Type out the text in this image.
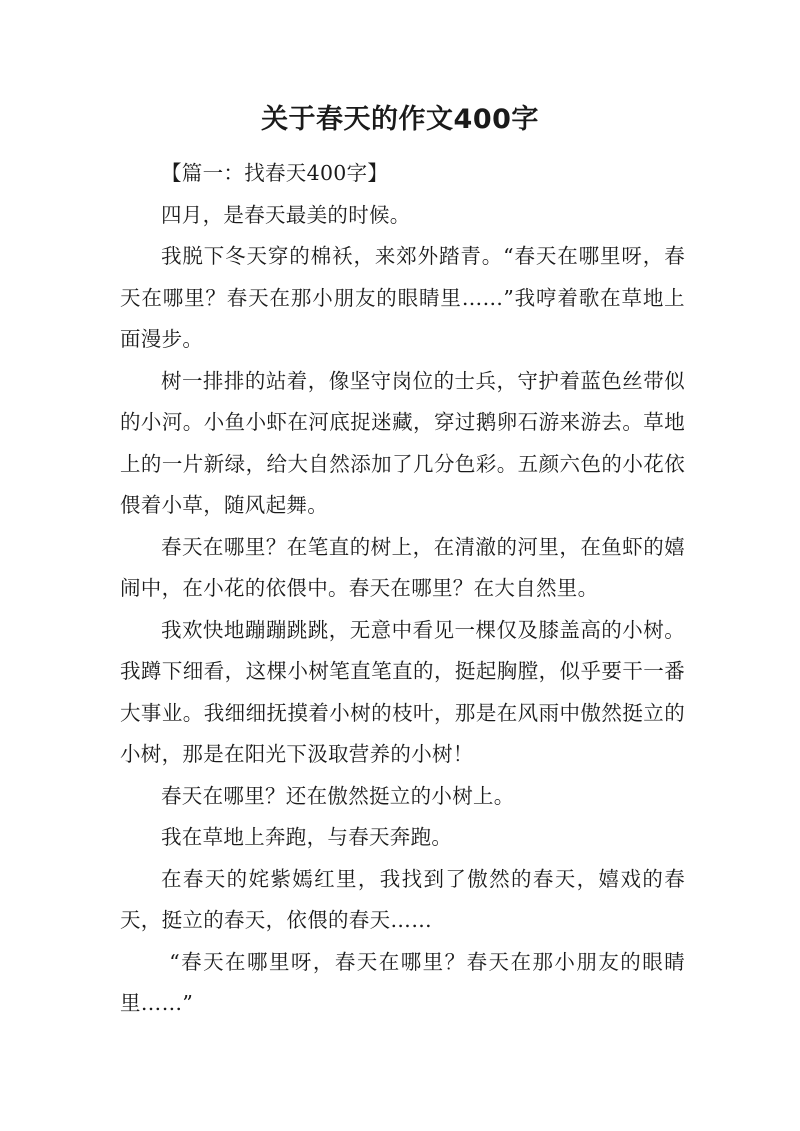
关于春天的作文400字

【篇一：找春天400字】

四月，是春天最美的时候。

我脱下冬天穿的棉袄，来郊外踏青。“春天在哪里呀，春天在哪里？春天在那小朋友的眼睛里……”我哼着歌在草地上面漫步。

树一排排的站着，像坚守岗位的士兵，守护着蓝色丝带似的小河。小鱼小虾在河底捉迷藏，穿过鹅卵石游来游去。草地上的一片新绿，给大自然添加了几分色彩。五颜六色的小花依偎着小草，随风起舞。

春天在哪里？在笔直的树上，在清澈的河里，在鱼虾的嬉闹中，在小花的依偎中。春天在哪里？在大自然里。

我欢快地蹦蹦跳跳，无意中看见一棵仅及膝盖高的小树。我蹲下细看，这棵小树笔直笔直的，挺起胸膛，似乎要干一番大事业。我细细抚摸着小树的枝叶，那是在风雨中傲然挺立的小树，那是在阳光下汲取营养的小树！

春天在哪里？还在傲然挺立的小树上。

我在草地上奔跑，与春天奔跑。

在春天的姹紫嫣红里，我找到了傲然的春天，嬉戏的春天，挺立的春天，依偎的春天……

“春天在哪里呀，春天在哪里？春天在那小朋友的眼睛里……”
